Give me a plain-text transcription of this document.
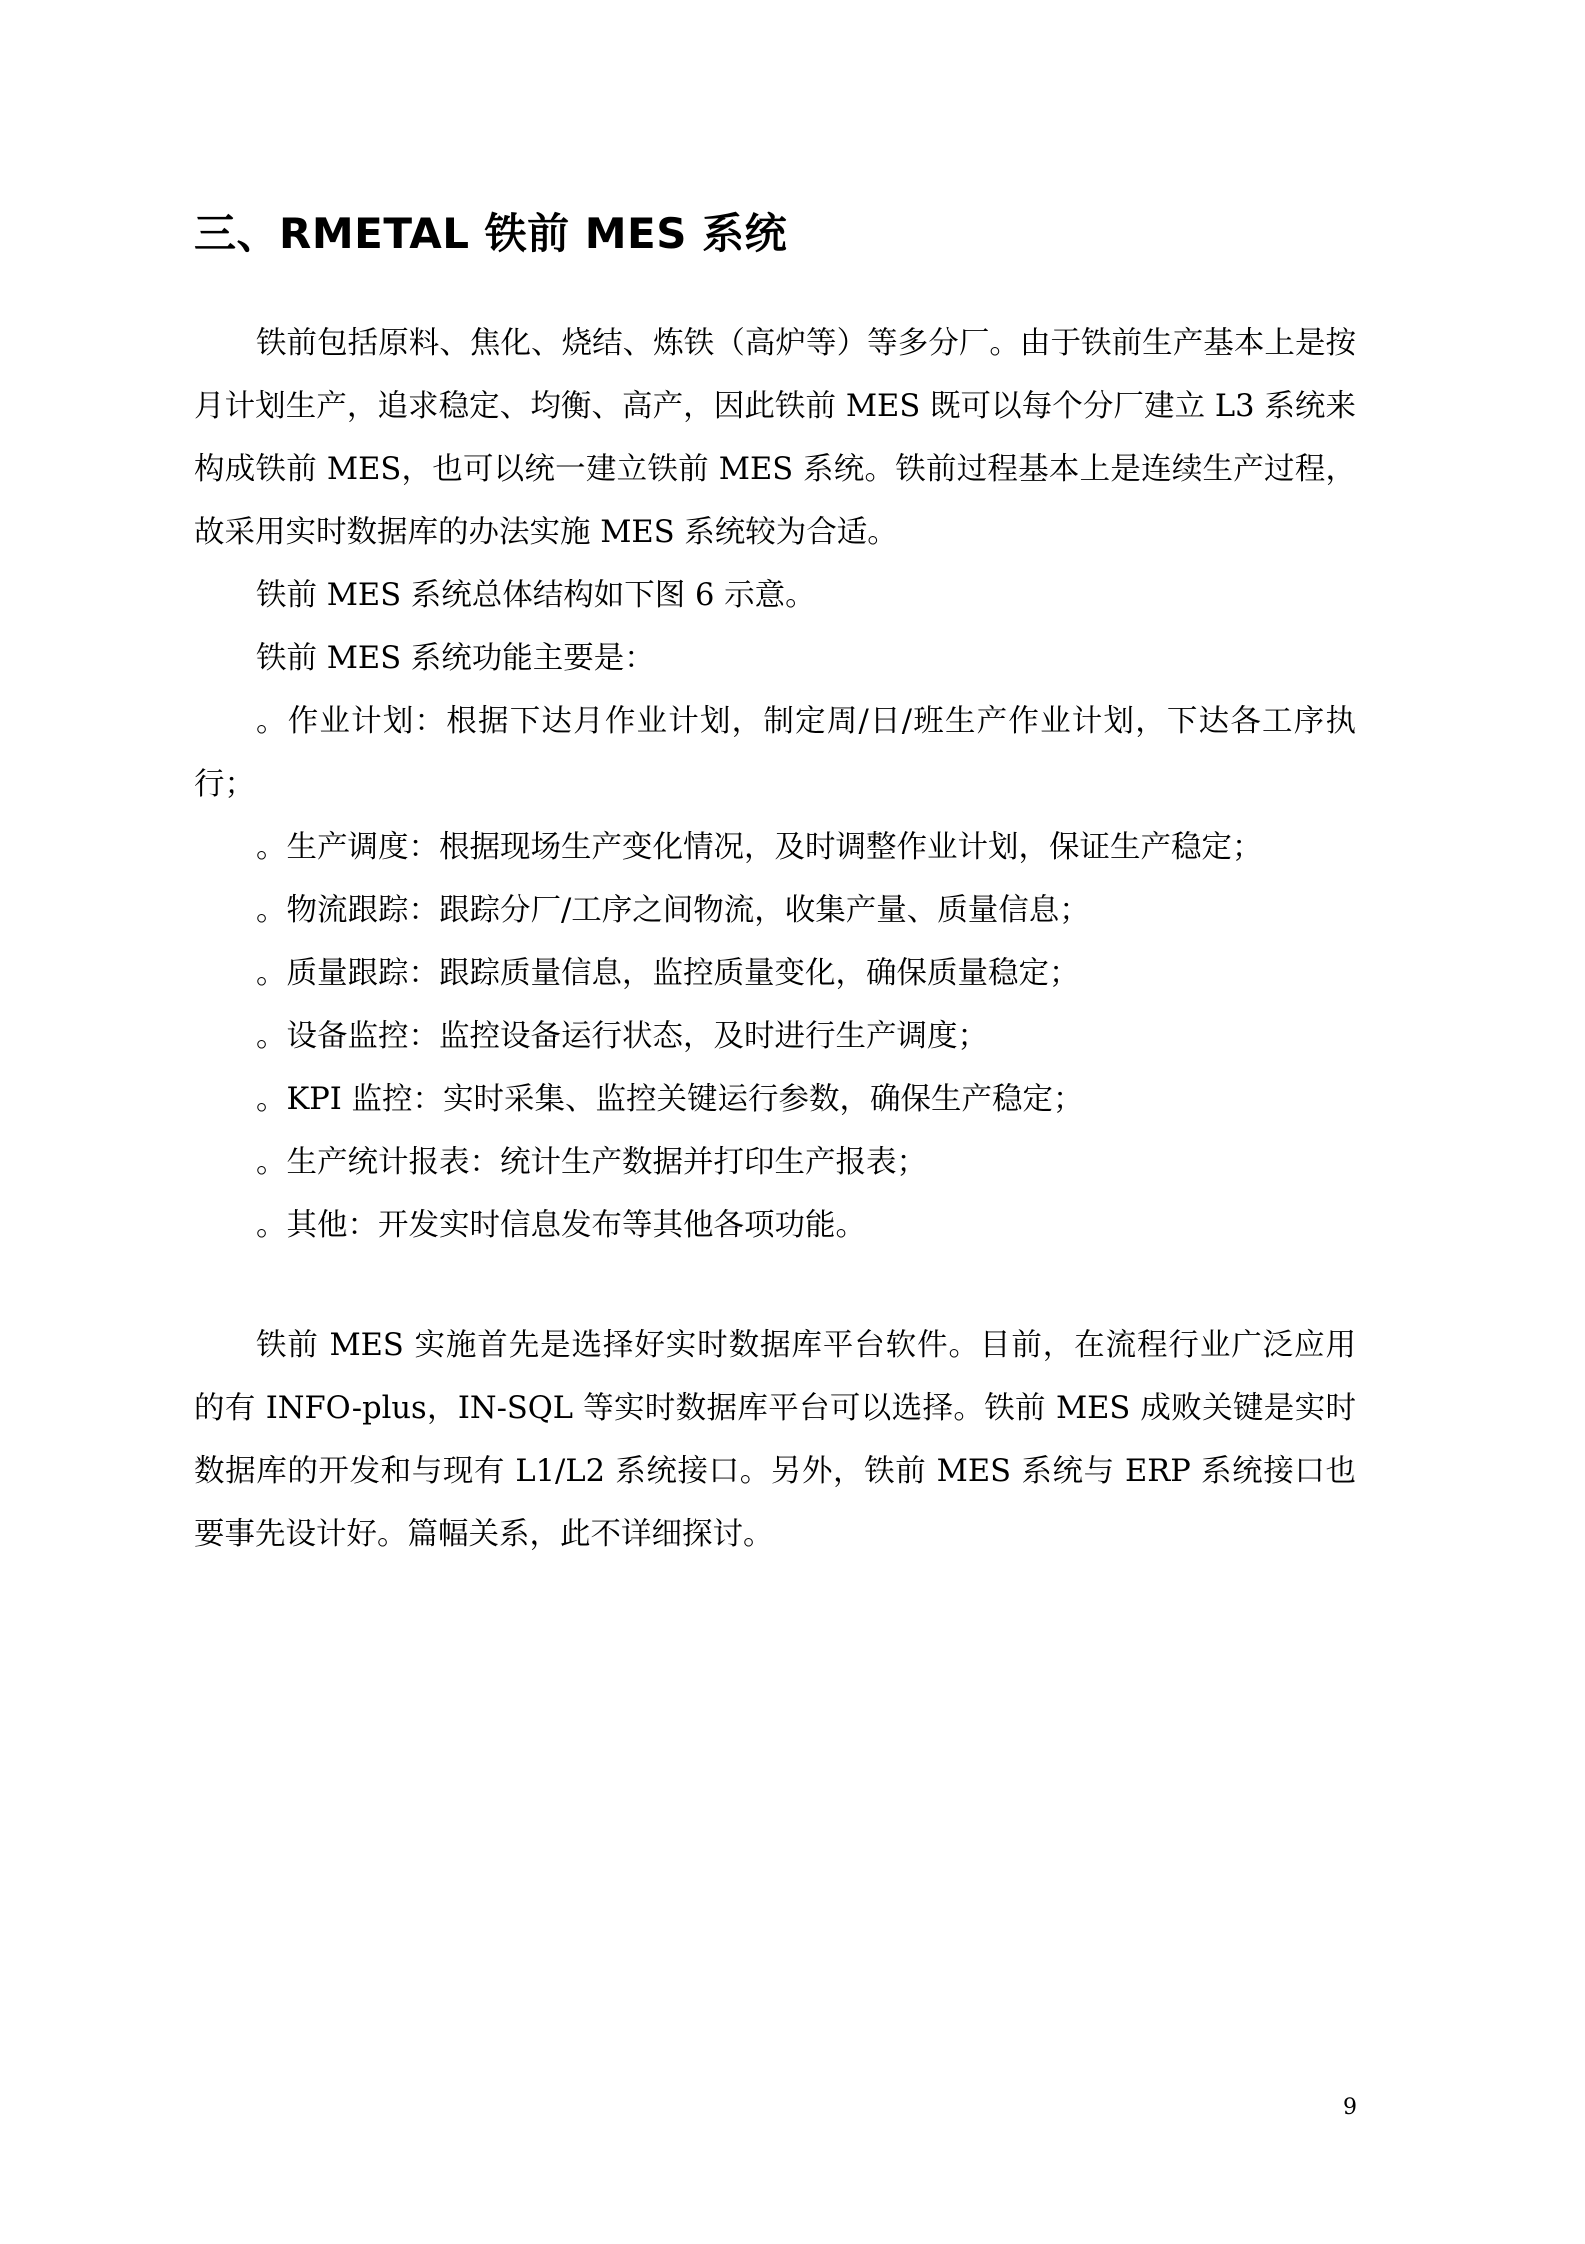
三、RMETAL 铁前 MES 系统

铁前包括原料、焦化、烧结、炼铁（高炉等）等多分厂。由于铁前生产基本上是按月计划生产，追求稳定、均衡、高产，因此铁前 MES 既可以每个分厂建立 L3 系统来构成铁前 MES，也可以统一建立铁前 MES 系统。铁前过程基本上是连续生产过程，故采用实时数据库的办法实施 MES 系统较为合适。

铁前 MES 系统总体结构如下图 6 示意。

铁前 MES 系统功能主要是：

。作业计划：根据下达月作业计划，制定周/日/班生产作业计划，下达各工序执行；

。生产调度：根据现场生产变化情况，及时调整作业计划，保证生产稳定；

。物流跟踪：跟踪分厂/工序之间物流，收集产量、质量信息；

。质量跟踪：跟踪质量信息，监控质量变化，确保质量稳定；

。设备监控：监控设备运行状态，及时进行生产调度；

。KPI 监控：实时采集、监控关键运行参数，确保生产稳定；

。生产统计报表：统计生产数据并打印生产报表；

。其他：开发实时信息发布等其他各项功能。

铁前 MES 实施首先是选择好实时数据库平台软件。目前，在流程行业广泛应用的有 INFO-plus，IN-SQL 等实时数据库平台可以选择。铁前 MES 成败关键是实时数据库的开发和与现有 L1/L2 系统接口。另外，铁前 MES 系统与 ERP 系统接口也要事先设计好。篇幅关系，此不详细探讨。

9
